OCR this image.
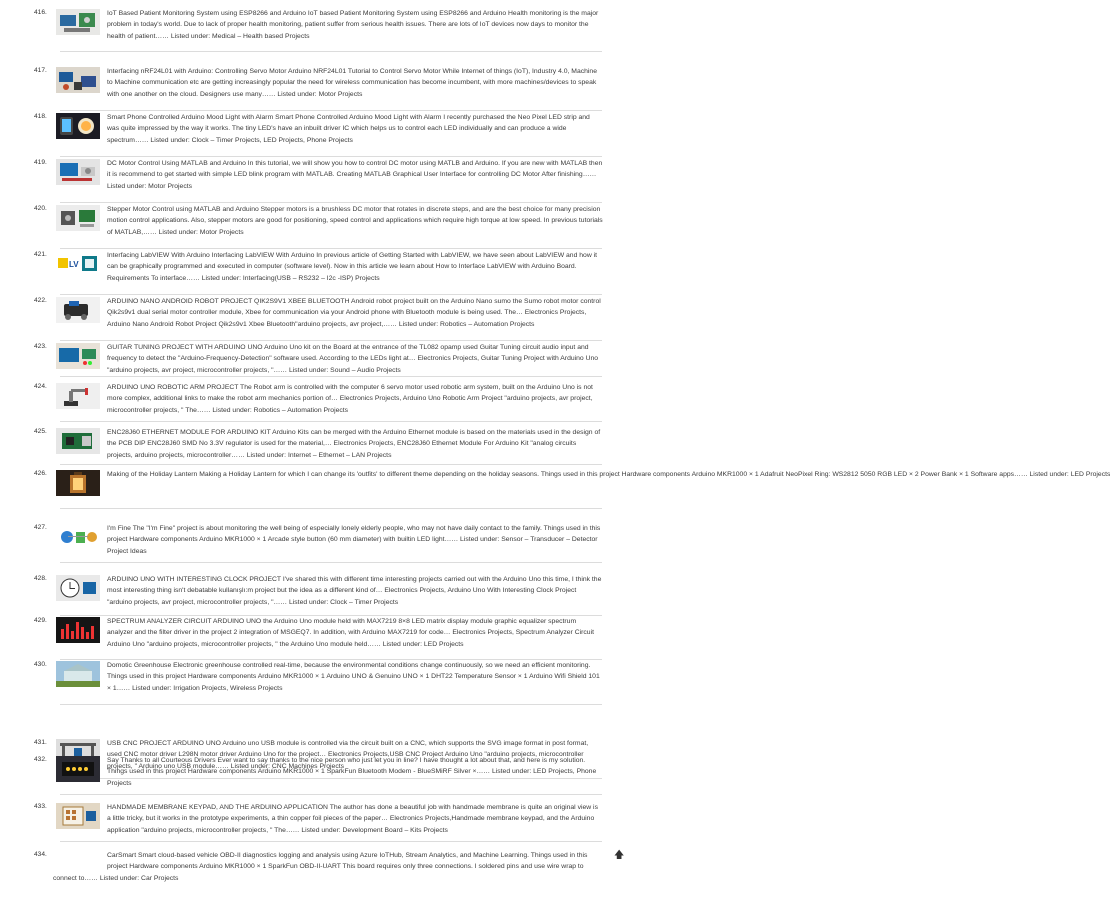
416.	IoT Based Patient Monitoring System using ESP8266 and Arduino IoT based Patient Monitoring System using ESP8266 and Arduino Health monitoring is the major problem in today's world. Due to lack of proper health monitoring, patient suffer from serious health issues. There are lots of IoT devices now days to monitor the health of patient…… Listed under: Medical – Health based Projects
417.	Interfacing nRF24L01 with Arduino: Controlling Servo Motor Arduino NRF24L01 Tutorial to Control Servo Motor While Internet of things (IoT), Industry 4.0, Machine to Machine communication etc are getting increasingly popular the need for wireless communication has become incumbent, with more machines/devices to speak with one another on the cloud. Designers use many…… Listed under: Motor Projects
418.	Smart Phone Controlled Arduino Mood Light with Alarm Smart Phone Controlled Arduino Mood Light with Alarm I recently purchased the Neo Pixel LED strip and was quite impressed by the way it works. The tiny LED's have an inbuilt driver IC which helps us to control each LED individually and can produce a wide spectrum…… Listed under: Clock – Timer Projects, LED Projects, Phone Projects
419.	DC Motor Control Using MATLAB and Arduino In this tutorial, we will show you how to control DC motor using MATLB and Arduino. If you are new with MATLAB then it is recommend to get started with simple LED blink program with MATLAB. Creating MATLAB Graphical User Interface for controlling DC Motor After finishing…… Listed under: Motor Projects
420.	Stepper Motor Control using MATLAB and Arduino Stepper motors is a brushless DC motor that rotates in discrete steps, and are the best choice for many precision motion control applications. Also, stepper motors are good for positioning, speed control and applications which require high torque at low speed. In previous tutorials of MATLAB,…… Listed under: Motor Projects
421.
LV
Interfacing LabVIEW With Arduino Interfacing LabVIEW With Arduino In previous article of Getting Started with LabVIEW, we have seen about LabVIEW and how it can be graphically programmed and executed in computer (software level). Now in this article we learn about How to Interface LabVIEW with Arduino Board. Requirements To interface…… Listed under: Interfacing(USB – RS232 – I2c -ISP) Projects
422.	ARDUINO NANO ANDROID ROBOT PROJECT QIK2S9V1 XBEE BLUETOOTH Android robot project built on the Arduino Nano sumo the Sumo robot motor control Qik2s9v1 dual serial motor controller module, Xbee for communication via your Android phone with Bluetooth module is being used. The… Electronics Projects, Arduino Nano Android Robot Project Qik2s9v1 Xbee Bluetooth"arduino projects, avr project,…… Listed under: Robotics – Automation Projects
423.	GUITAR TUNING PROJECT WITH ARDUINO UNO Arduino Uno kit on the Board at the entrance of the TL082 opamp used Guitar Tuning circuit audio input and frequency to detect the "Arduino-Frequency-Detection" software used. According to the LEDs light at… Electronics Projects, Guitar Tuning Project with Arduino Uno "arduino projects, avr project, microcontroller projects, "…… Listed under: Sound – Audio Projects
424.	ARDUINO UNO ROBOTIC ARM PROJECT The Robot arm is controlled with the computer 6 servo motor used robotic arm system, built on the Arduino Uno is not more complex, additional links to make the robot arm mechanics portion of… Electronics Projects, Arduino Uno Robotic Arm Project "arduino projects, avr project, microcontroller projects, " The…… Listed under: Robotics – Automation Projects
425.	ENC28J60 ETHERNET MODULE FOR ARDUINO KIT Arduino Kits can be merged with the Arduino Ethernet module is based on the materials used in the design of the PCB DIP ENC28J60 SMD No 3.3V regulator is used for the material,… Electronics Projects, ENC28J60 Ethernet Module For Arduino Kit "analog circuits projects, arduino projects, microcontroller…… Listed under: Internet – Ethernet – LAN Projects
426.	Making of the Holiday Lantern Making a Holiday Lantern for which I can change its 'outfits' to different theme depending on the holiday seasons. Things used in this project Hardware components Arduino MKR1000 × 1 Adafruit NeoPixel Ring: WS2812 5050 RGB LED × 2 Power Bank × 1 Software apps…… Listed under: LED Projects
427.	I'm Fine The "I'm Fine" project is about monitoring the well being of especially lonely elderly people, who may not have daily contact to the family. Things used in this project Hardware components Arduino MKR1000 × 1 Arcade style button (60 mm diameter) with builtin LED light…… Listed under: Sensor – Transducer – Detector Project Ideas
428.	ARDUINO UNO WITH INTERESTING CLOCK PROJECT I've shared this with different time interesting projects carried out with the Arduino Uno this time, I think the most interesting thing isn't debatable kullanışlı:m project but the idea as a different kind of… Electronics Projects, Arduino Uno With Interesting Clock Project "arduino projects, avr project, microcontroller projects, "…… Listed under: Clock – Timer Projects
429.	SPECTRUM ANALYZER CIRCUIT ARDUINO UNO the Arduino Uno module held with MAX7219 8×8 LED matrix display module graphic equalizer spectrum analyzer and the filter driver in the project 2 integration of MSGEQ7. In addition, with Arduino MAX7219 for code… Electronics Projects, Spectrum Analyzer Circuit Arduino Uno "arduino projects, microcontroller projects, " the Arduino Uno module held…… Listed under: LED Projects
430.	Domotic Greenhouse Electronic greenhouse controlled real-time, because the environmental conditions change continuously, so we need an efficient monitoring. Things used in this project Hardware components Arduino MKR1000 × 1 Arduino UNO & Genuino UNO × 1 DHT22 Temperature Sensor × 1 Arduino Wifi Shield 101 × 1…… Listed under: Irrigation Projects, Wireless Projects
431.	USB CNC PROJECT ARDUINO UNO Arduino uno USB module is controlled via the circuit built on a CNC, which supports the SVG image format in post format, used CNC motor driver L298N motor driver Arduino Uno for the project… Electronics Projects,USB CNC Project Arduino Uno "arduino projects, microcontroller projects, " Arduino uno USB module…… Listed under: CNC Machines Projects
432.	Say Thanks to all Courteous Drivers Ever want to say thanks to the nice person who just let you in line? I have thought a lot about that, and here is my solution. Things used in this project Hardware components Arduino MKR1000 × 1 SparkFun Bluetooth Modem - BlueSMiRF Silver ×…… Listed under: LED Projects, Phone Projects
433.	HANDMADE MEMBRANE KEYPAD, AND THE ARDUINO APPLICATION The author has done a beautiful job with handmade membrane is quite an original view is a little tricky, but it works in the prototype experiments, a thin copper foil pieces of the paper… Electronics Projects,Handmade membrane keypad, and the Arduino application "arduino projects, microcontroller projects, " The…… Listed under: Development Board – Kits Projects
434.	CarSmart Smart cloud-based vehicle OBD-II diagnostics logging and analysis using Azure IoTHub, Stream Analytics, and Machine Learning. Things used in this
project Hardware components Arduino MKR1000 × 1 SparkFun OBD-II-UART This board requires only three connections. I soldered pins and use wire wrap to
connect to…… Listed under: Car Projects
🡅
